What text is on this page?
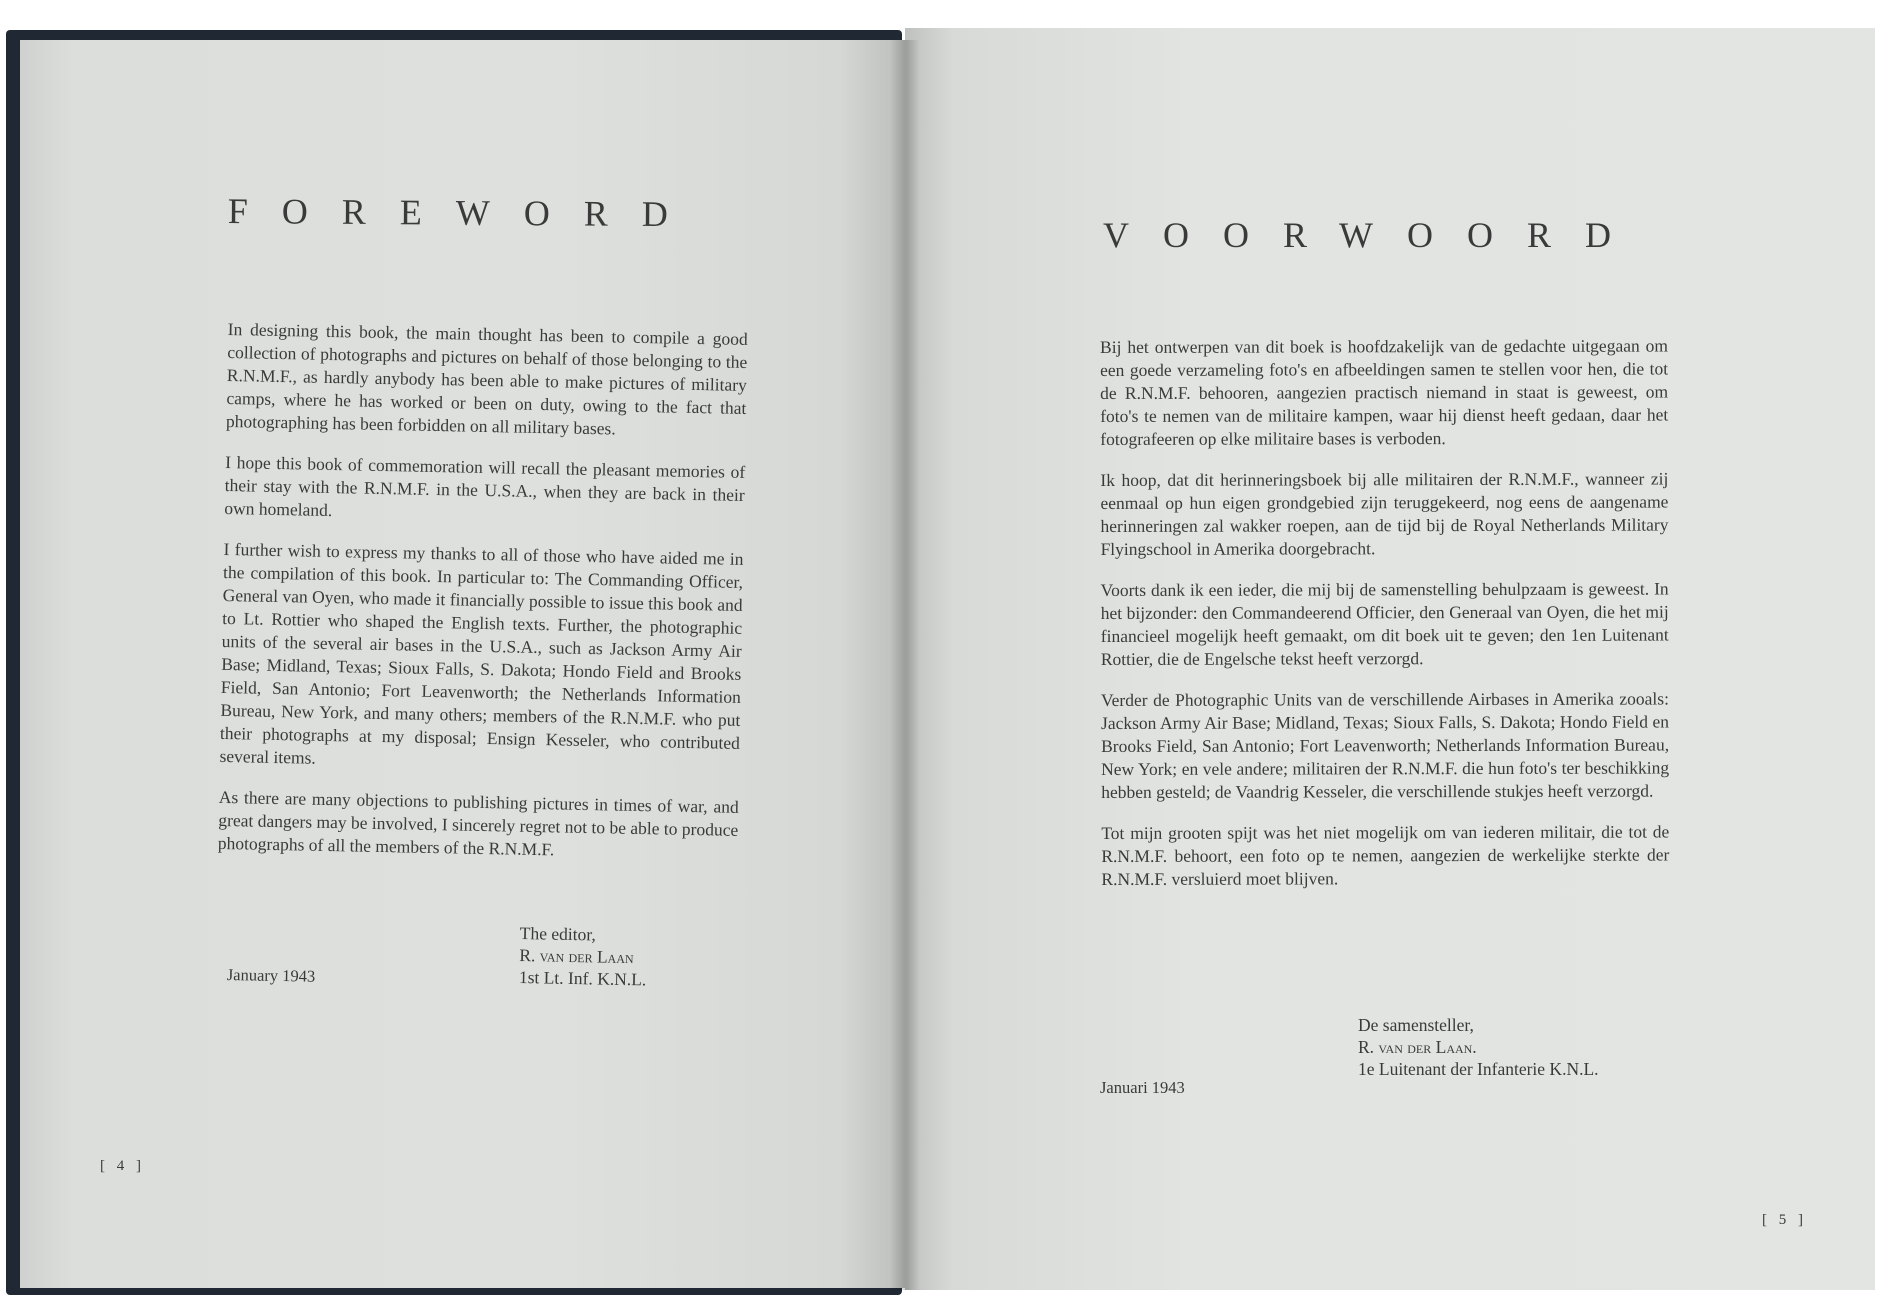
FOREWORD

In designing this book, the main thought has been to compile a good collection of photographs and pictures on behalf of those belonging to the R.N.M.F., as hardly anybody has been able to make pictures of military camps, where he has worked or been on duty, owing to the fact that photographing has been forbidden on all military bases.

I hope this book of commemoration will recall the pleasant memories of their stay with the R.N.M.F. in the U.S.A., when they are back in their own homeland.

I further wish to express my thanks to all of those who have aided me in the compilation of this book. In particular to: The Commanding Officer, General van Oyen, who made it financially possible to issue this book and to Lt. Rottier who shaped the English texts. Further, the photographic units of the several air bases in the U.S.A., such as Jackson Army Air Base; Midland, Texas; Sioux Falls, S. Dakota; Hondo Field and Brooks Field, San Antonio; Fort Leavenworth; the Netherlands Information Bureau, New York, and many others; members of the R.N.M.F. who put their photographs at my disposal; Ensign Kesseler, who contributed several items.

As there are many objections to publishing pictures in times of war, and great dangers may be involved, I sincerely regret not to be able to produce photographs of all the members of the R.N.M.F.

The editor,
R. van der Laan
1st Lt. Inf. K.N.L.
January 1943
[ 4 ]
VOORWOORD

Bij het ontwerpen van dit boek is hoofdzakelijk van de gedachte uitgegaan om een goede verzameling foto's en afbeeldingen samen te stellen voor hen, die tot de R.N.M.F. behooren, aangezien practisch niemand in staat is geweest, om foto's te nemen van de militaire kampen, waar hij dienst heeft gedaan, daar het fotografeeren op elke militaire bases is verboden.

Ik hoop, dat dit herinneringsboek bij alle militairen der R.N.M.F., wanneer zij eenmaal op hun eigen grondgebied zijn teruggekeerd, nog eens de aangename herinneringen zal wakker roepen, aan de tijd bij de Royal Netherlands Military Flyingschool in Amerika doorgebracht.

Voorts dank ik een ieder, die mij bij de samenstelling behulpzaam is geweest. In het bijzonder: den Commandeerend Officier, den Generaal van Oyen, die het mij financieel mogelijk heeft gemaakt, om dit boek uit te geven; den 1en Luitenant Rottier, die de Engelsche tekst heeft verzorgd.

Verder de Photographic Units van de verschillende Airbases in Amerika zooals: Jackson Army Air Base; Midland, Texas; Sioux Falls, S. Dakota; Hondo Field en Brooks Field, San Antonio; Fort Leavenworth; Netherlands Information Bureau, New York; en vele andere; militairen der R.N.M.F. die hun foto's ter beschikking hebben gesteld; de Vaandrig Kesseler, die verschillende stukjes heeft verzorgd.

Tot mijn grooten spijt was het niet mogelijk om van iederen militair, die tot de R.N.M.F. behoort, een foto op te nemen, aangezien de werkelijke sterkte der R.N.M.F. versluierd moet blijven.

De samensteller,
R. van der Laan.
1e Luitenant der Infanterie K.N.L.
Januari 1943
[ 5 ]
